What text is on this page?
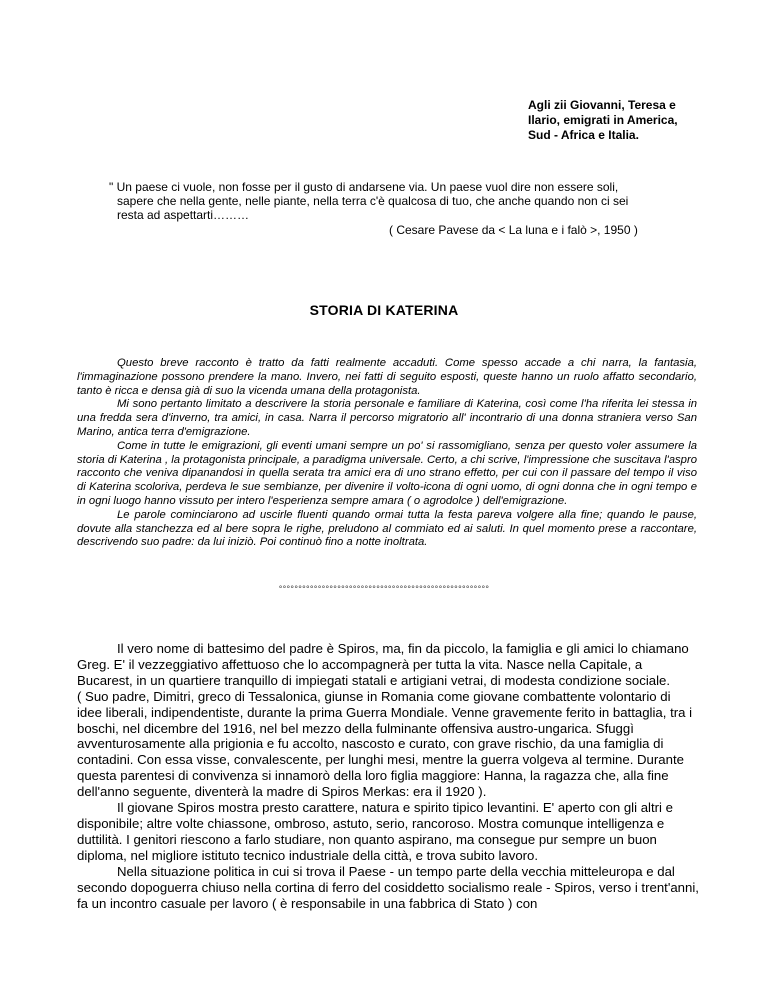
Agli zii Giovanni, Teresa e
Ilario, emigrati in America,
Sud - Africa e Italia.
" Un paese ci vuole, non fosse per il gusto di andarsene via. Un paese vuol dire non essere soli,
sapere che nella gente, nelle piante, nella terra c'è qualcosa di tuo, che anche quando non ci sei
resta ad aspettarti………
( Cesare Pavese da < La luna e i falò >, 1950 )
STORIA DI KATERINA

Questo breve racconto è tratto da fatti realmente accaduti. Come spesso accade a chi narra, la fantasia, l'immaginazione possono prendere la mano. Invero, nei fatti di seguito esposti, queste hanno un ruolo affatto secondario, tanto è ricca e densa già di suo la vicenda umana della protagonista.

Mi sono pertanto limitato a descrivere la storia personale e familiare di Katerina, così come l'ha riferita lei stessa in una fredda sera d'inverno, tra amici, in casa. Narra il percorso migratorio all' incontrario di una donna straniera verso San Marino, antica terra d'emigrazione.

Come in tutte le emigrazioni, gli eventi umani sempre un po' si rassomigliano, senza per questo voler assumere la storia di Katerina , la protagonista principale, a paradigma universale. Certo, a chi scrive, l'impressione che suscitava l'aspro racconto che veniva dipanandosi in quella serata tra amici era di uno strano effetto, per cui con il passare del tempo il viso di Katerina scoloriva, perdeva le sue sembianze, per divenire il volto-icona di ogni uomo, di ogni donna che in ogni tempo e in ogni luogo hanno vissuto per intero l'esperienza sempre amara ( o agrodolce ) dell'emigrazione.

Le parole cominciarono ad uscirle fluenti quando ormai tutta la festa pareva volgere alla fine; quando le pause, dovute alla stanchezza ed al bere sopra le righe, preludono al commiato ed ai saluti. In quel momento prese a raccontare, descrivendo suo padre: da lui iniziò. Poi continuò fino a notte inoltrata.

°°°°°°°°°°°°°°°°°°°°°°°°°°°°°°°°°°°°°°°°°°°°°°°°°°°°°°

Il vero nome di battesimo del padre è Spiros, ma, fin da piccolo, la famiglia e gli amici lo chiamano Greg. E' il vezzeggiativo affettuoso che lo accompagnerà per tutta la vita. Nasce nella Capitale, a Bucarest, in un quartiere tranquillo di impiegati statali e artigiani vetrai, di modesta condizione sociale.

( Suo padre, Dimitri, greco di Tessalonica, giunse in Romania come giovane combattente volontario di idee liberali, indipendentiste, durante la prima Guerra Mondiale. Venne gravemente ferito in battaglia, tra i boschi, nel dicembre del 1916, nel bel mezzo della fulminante offensiva austro-ungarica. Sfuggì avventurosamente alla prigionia e fu accolto, nascosto e curato, con grave rischio, da una famiglia di contadini. Con essa visse, convalescente, per lunghi mesi, mentre la guerra volgeva al termine. Durante questa parentesi di convivenza si innamorò della loro figlia maggiore: Hanna, la ragazza che, alla fine dell'anno seguente, diventerà la madre di Spiros Merkas: era il 1920 ).

Il giovane Spiros mostra presto carattere, natura e spirito tipico levantini. E' aperto con gli altri e disponibile; altre volte chiassone, ombroso, astuto, serio, rancoroso. Mostra comunque intelligenza e duttilità. I genitori riescono a farlo studiare, non quanto aspirano, ma consegue pur sempre un buon diploma, nel migliore istituto tecnico industriale della città, e trova subito lavoro.

Nella situazione politica in cui si trova il Paese - un tempo parte della vecchia mitteleuropa e dal secondo dopoguerra chiuso nella cortina di ferro del cosiddetto socialismo reale - Spiros, verso i trent'anni, fa un incontro casuale per lavoro ( è responsabile in una fabbrica di Stato ) con
